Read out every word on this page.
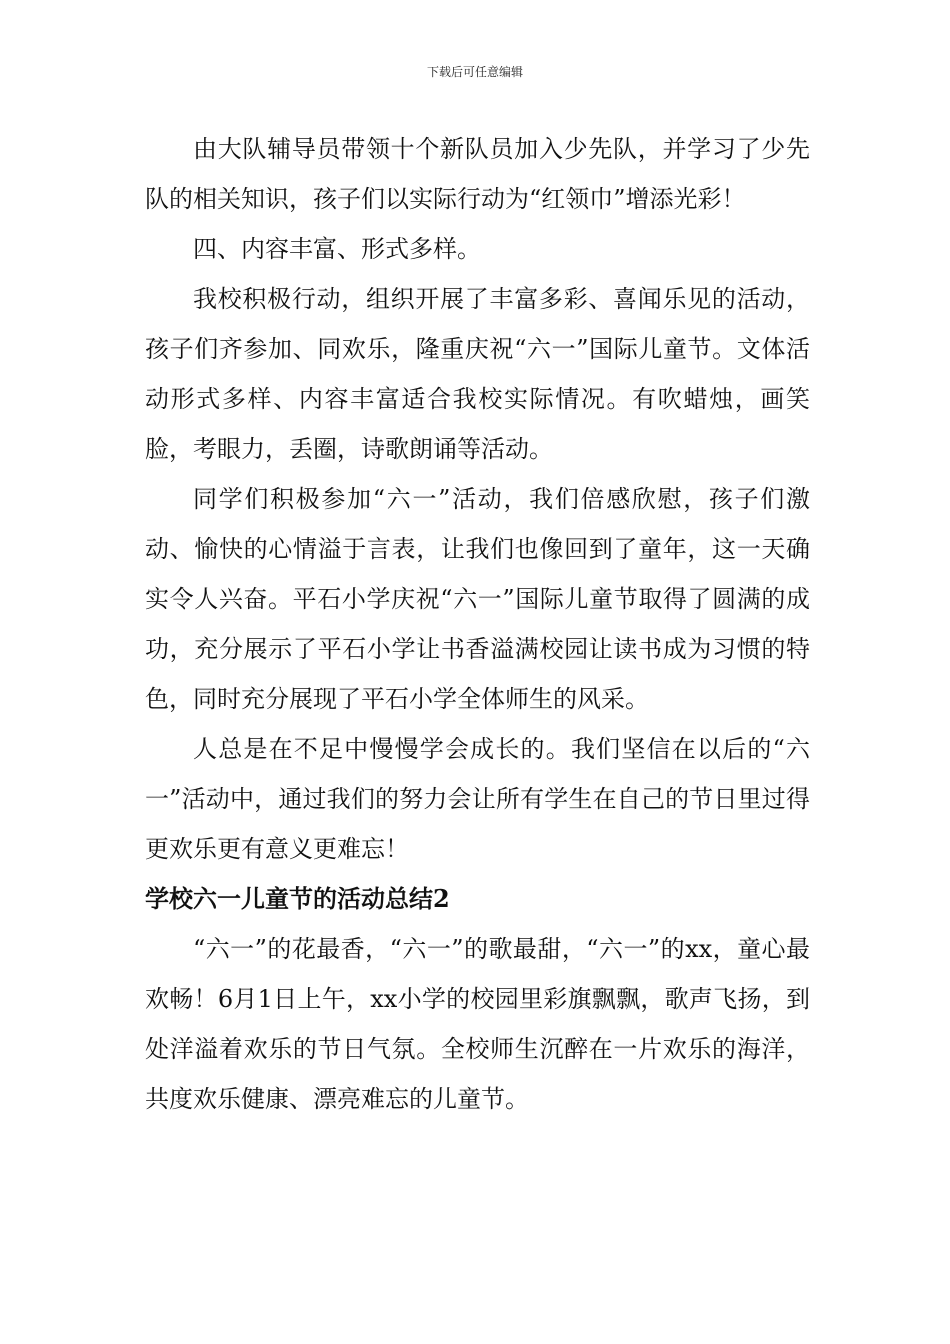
下载后可任意编辑

由大队辅导员带领十个新队员加入少先队，并学习了少先队的相关知识，孩子们以实际行动为“红领巾”增添光彩！

四、内容丰富、形式多样。

我校积极行动，组织开展了丰富多彩、喜闻乐见的活动，孩子们齐参加、同欢乐，隆重庆祝“六一”国际儿童节。文体活动形式多样、内容丰富适合我校实际情况。有吹蜡烛，画笑脸，考眼力，丢圈，诗歌朗诵等活动。

同学们积极参加“六一”活动，我们倍感欣慰，孩子们激动、愉快的心情溢于言表，让我们也像回到了童年，这一天确实令人兴奋。平石小学庆祝“六一”国际儿童节取得了圆满的成功，充分展示了平石小学让书香溢满校园让读书成为习惯的特色，同时充分展现了平石小学全体师生的风采。

人总是在不足中慢慢学会成长的。我们坚信在以后的“六一”活动中，通过我们的努力会让所有学生在自己的节日里过得更欢乐更有意义更难忘！

学校六一儿童节的活动总结2

“六一”的花最香，“六一”的歌最甜，“六一”的xx，童心最欢畅！6月1日上午，xx小学的校园里彩旗飘飘，歌声飞扬，到处洋溢着欢乐的节日气氛。全校师生沉醉在一片欢乐的海洋，共度欢乐健康、漂亮难忘的儿童节。
